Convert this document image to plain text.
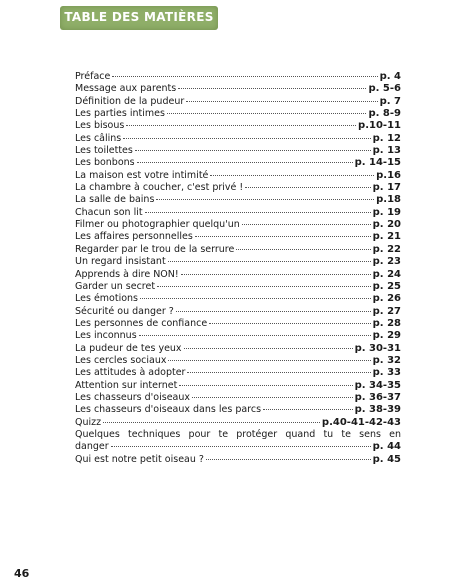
TABLE DES MATIÈRES
Préface	p. 4
Message aux parents	p. 5-6
Définition de la pudeur	p. 7
Les parties intimes	p. 8-9
Les bisous	p.10-11
Les câlins	p. 12
Les toilettes	p. 13
Les bonbons	p. 14-15
La maison est votre intimité	p.16
La chambre à coucher, c'est privé !	p. 17
La salle de bains	p.18
Chacun son lit	p. 19
Filmer ou photographier quelqu'un	p. 20
Les affaires personnelles	p. 21
Regarder par le trou de la serrure	p. 22
Un regard insistant	p. 23
Apprends à dire NON!	p. 24
Garder un secret	p. 25
Les émotions	p. 26
Sécurité ou danger ?	p. 27
Les personnes de confiance	p. 28
Les inconnus	p. 29
La pudeur de tes yeux	p. 30-31
Les cercles sociaux	p. 32
Les attitudes à adopter	p. 33
Attention sur internet	p. 34-35
Les chasseurs d'oiseaux	p. 36-37
Les chasseurs d'oiseaux dans les parcs	p. 38-39
Quizz	p.40-41-42-43
Quelques techniques pour te protéger quand tu te sens en
danger	p. 44
Qui est notre petit oiseau ?	p. 45
46
